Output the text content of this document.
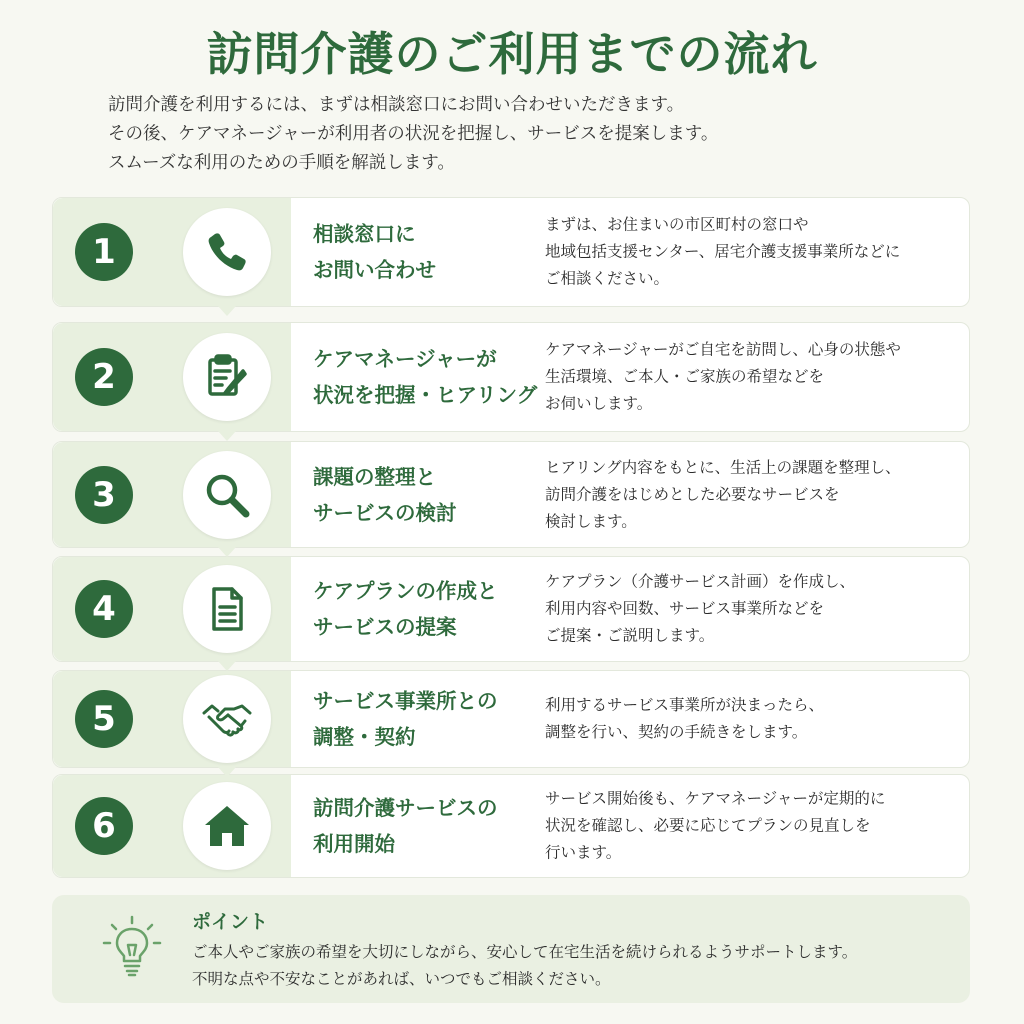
訪問介護のご利用までの流れ
訪問介護を利用するには、まずは相談窓口にお問い合わせいただきます。
その後、ケアマネージャーが利用者の状況を把握し、サービスを提案します。
スムーズな利用のための手順を解説します。
1	相談窓口に
お問い合わせ
まずは、お住まいの市区町村の窓口や
地域包括支援センター、居宅介護支援事業所などに
ご相談ください。
2	ケアマネージャーが
状況を把握・ヒアリング
ケアマネージャーがご自宅を訪問し、心身の状態や
生活環境、ご本人・ご家族の希望などを
お伺いします。
3	課題の整理と
サービスの検討
ヒアリング内容をもとに、生活上の課題を整理し、
訪問介護をはじめとした必要なサービスを
検討します。
4	ケアプランの作成と
サービスの提案
ケアプラン（介護サービス計画）を作成し、
利用内容や回数、サービス事業所などを
ご提案・ご説明します。
5	サービス事業所との
調整・契約
利用するサービス事業所が決まったら、
調整を行い、契約の手続きをします。
6	訪問介護サービスの
利用開始
サービス開始後も、ケアマネージャーが定期的に
状況を確認し、必要に応じてプランの見直しを
行います。
ポイント
ご本人やご家族の希望を大切にしながら、安心して在宅生活を続けられるようサポートします。
不明な点や不安なことがあれば、いつでもご相談ください。
